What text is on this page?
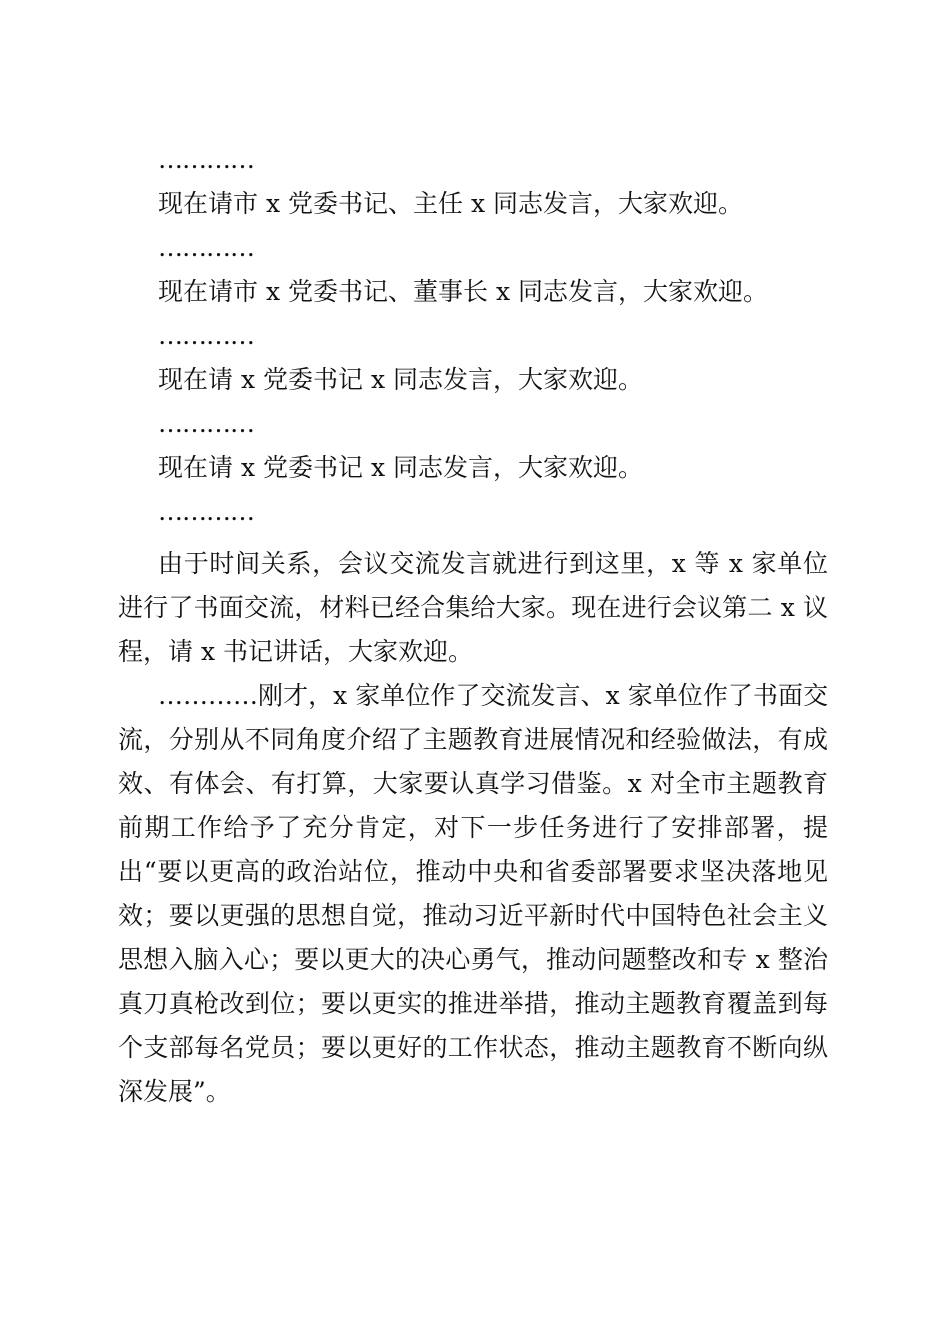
…………
现在请市 x 党委书记、主任 x 同志发言，大家欢迎。
…………
现在请市 x 党委书记、董事长 x 同志发言，大家欢迎。
…………
现在请 x 党委书记 x 同志发言，大家欢迎。
…………
现在请 x 党委书记 x 同志发言，大家欢迎。
…………

由于时间关系，会议交流发言就进行到这里，x 等 x 家单位进行了书面交流，材料已经合集给大家。现在进行会议第二 x 议程，请 x 书记讲话，大家欢迎。

…………刚才，x 家单位作了交流发言、x 家单位作了书面交流，分别从不同角度介绍了主题教育进展情况和经验做法，有成效、有体会、有打算，大家要认真学习借鉴。x 对全市主题教育前期工作给予了充分肯定，对下一步任务进行了安排部署，提出“要以更高的政治站位，推动中央和省委部署要求坚决落地见效；要以更强的思想自觉，推动习近平新时代中国特色社会主义思想入脑入心；要以更大的决心勇气，推动问题整改和专 x 整治真刀真枪改到位；要以更实的推进举措，推动主题教育覆盖到每个支部每名党员；要以更好的工作状态，推动主题教育不断向纵深发展”。
